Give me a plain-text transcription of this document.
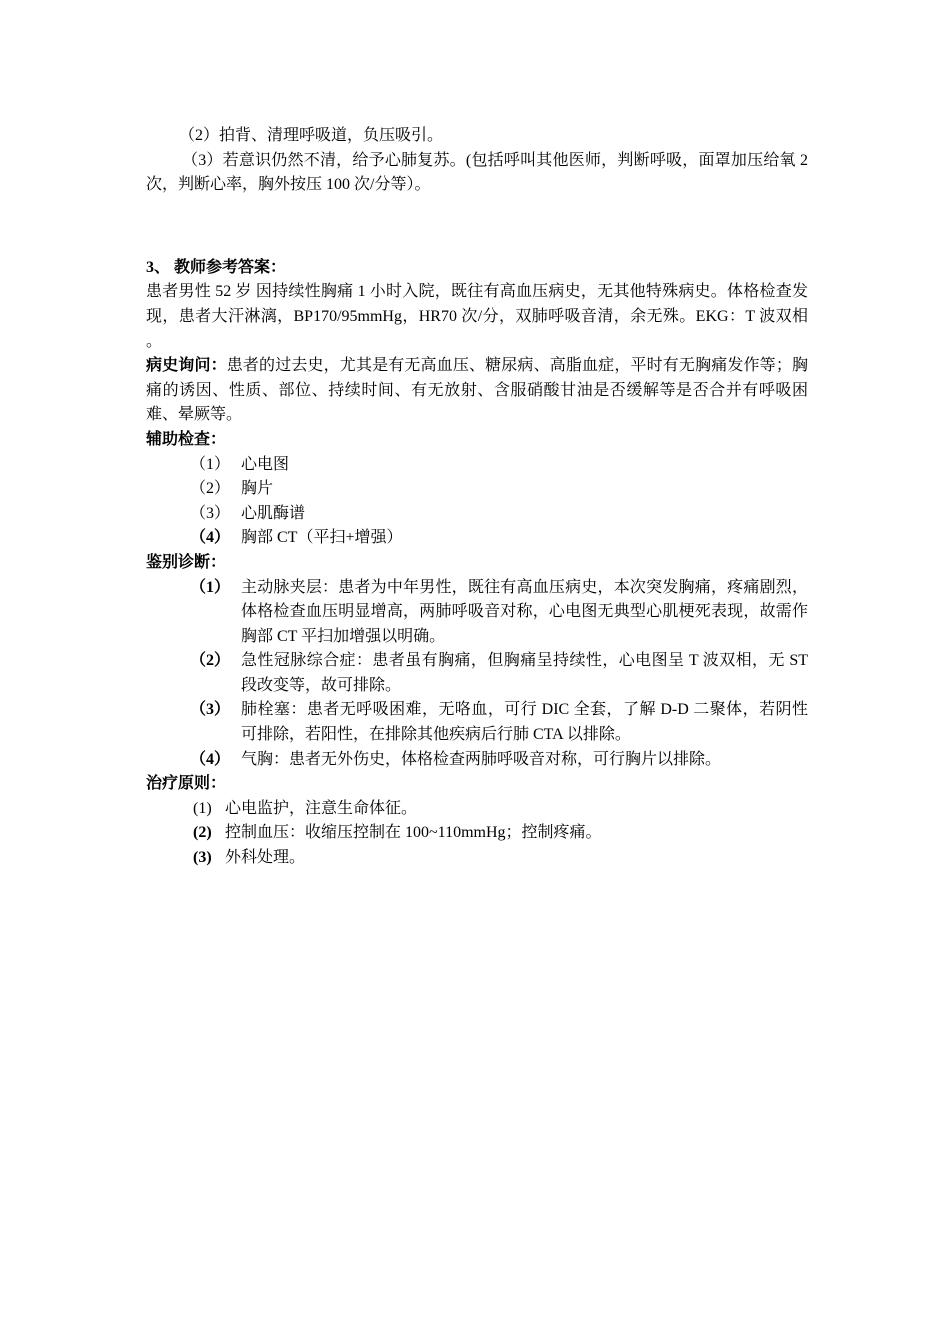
（2）拍背、清理呼吸道，负压吸引。

（3）若意识仍然不清，给予心肺复苏。(包括呼叫其他医师，判断呼吸，面罩加压给氧 2 次，判断心率，胸外按压 100 次/分等）。

3、 教师参考答案：

患者男性 52 岁 因持续性胸痛 1 小时入院，既往有高血压病史，无其他特殊病史。体格检查发现，患者大汗淋漓，BP170/95mmHg，HR70 次/分，双肺呼吸音清，余无殊。EKG：T 波双相 。

病史询问：患者的过去史，尤其是有无高血压、糖尿病、高脂血症，平时有无胸痛发作等；胸痛的诱因、性质、部位、持续时间、有无放射、含服硝酸甘油是否缓解等是否合并有呼吸困难、晕厥等。

辅助检查：

（1） 心电图
（2） 胸片
（3） 心肌酶谱
（4） 胸部 CT（平扫+增强）

鉴别诊断：

（1） 主动脉夹层：患者为中年男性，既往有高血压病史，本次突发胸痛，疼痛剧烈，体格检查血压明显增高，两肺呼吸音对称，心电图无典型心肌梗死表现，故需作胸部 CT 平扫加增强以明确。
（2） 急性冠脉综合症：患者虽有胸痛，但胸痛呈持续性，心电图呈 T 波双相，无 ST 段改变等，故可排除。
（3） 肺栓塞：患者无呼吸困难，无咯血，可行 DIC 全套，了解 D-D 二聚体，若阴性可排除，若阳性，在排除其他疾病后行肺 CTA 以排除。
（4） 气胸：患者无外伤史，体格检查两肺呼吸音对称，可行胸片以排除。

治疗原则：

(1) 心电监护，注意生命体征。
(2) 控制血压：收缩压控制在 100~110mmHg；控制疼痛。
(3) 外科处理。
